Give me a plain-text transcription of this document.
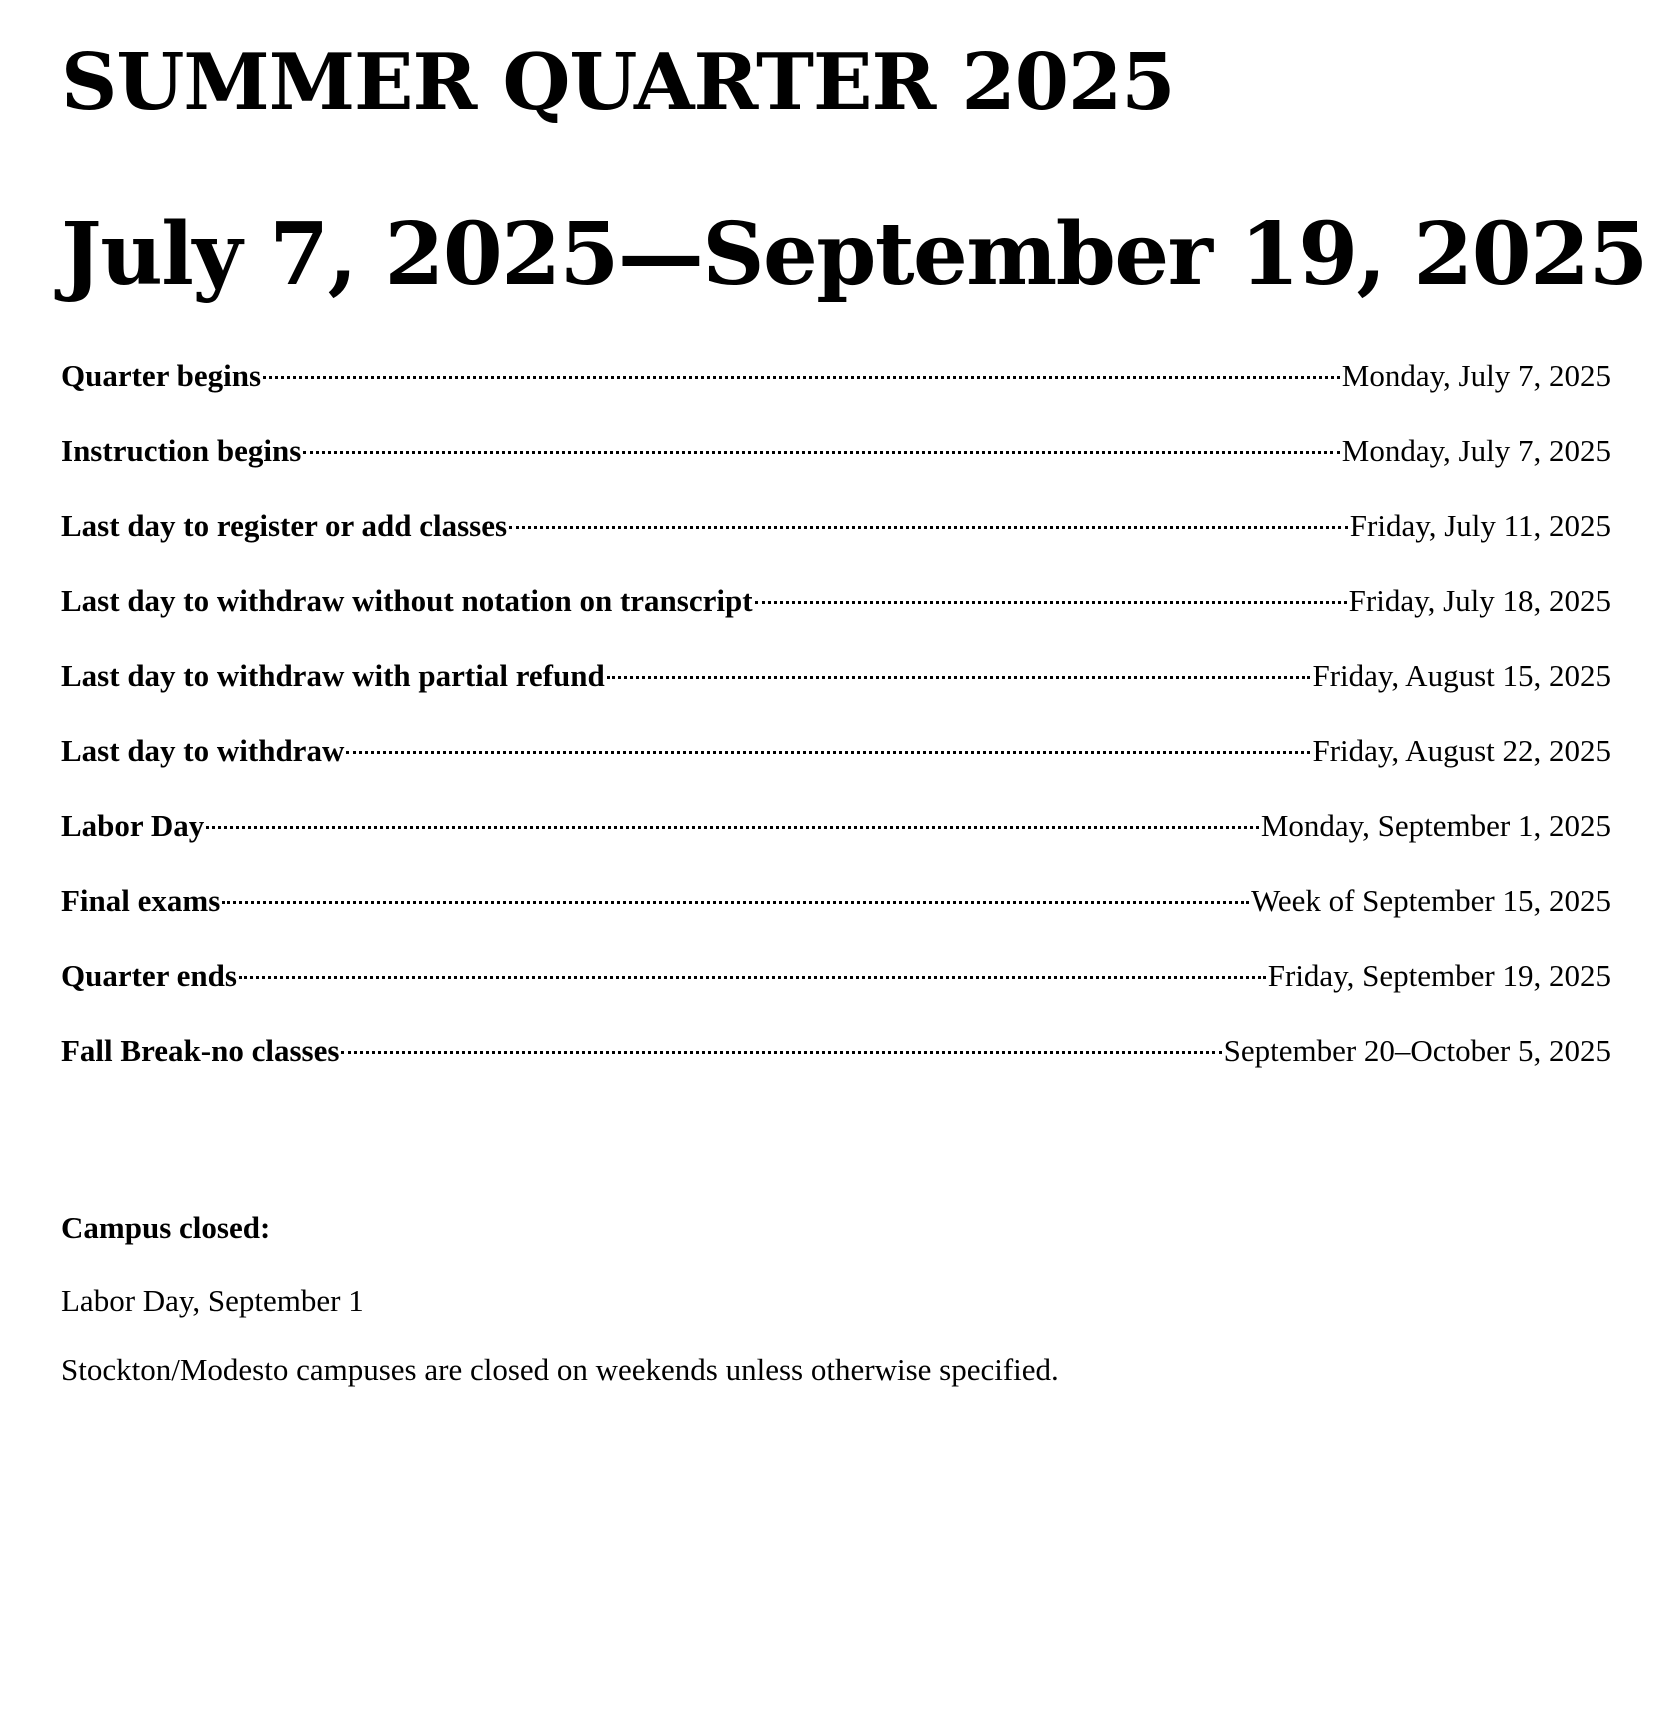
SUMMER QUARTER 2025
July 7, 2025—September 19, 2025
Quarter begins	Monday, July 7, 2025
Instruction begins	Monday, July 7, 2025
Last day to register or add classes	Friday, July 11, 2025
Last day to withdraw without notation on transcript	Friday, July 18, 2025
Last day to withdraw with partial refund	Friday, August 15, 2025
Last day to withdraw	Friday, August 22, 2025
Labor Day	Monday, September 1, 2025
Final exams	Week of September 15, 2025
Quarter ends	Friday, September 19, 2025
Fall Break-no classes	September 20–October 5, 2025

Campus closed:

Labor Day, September 1

Stockton/Modesto campuses are closed on weekends unless otherwise specified.
